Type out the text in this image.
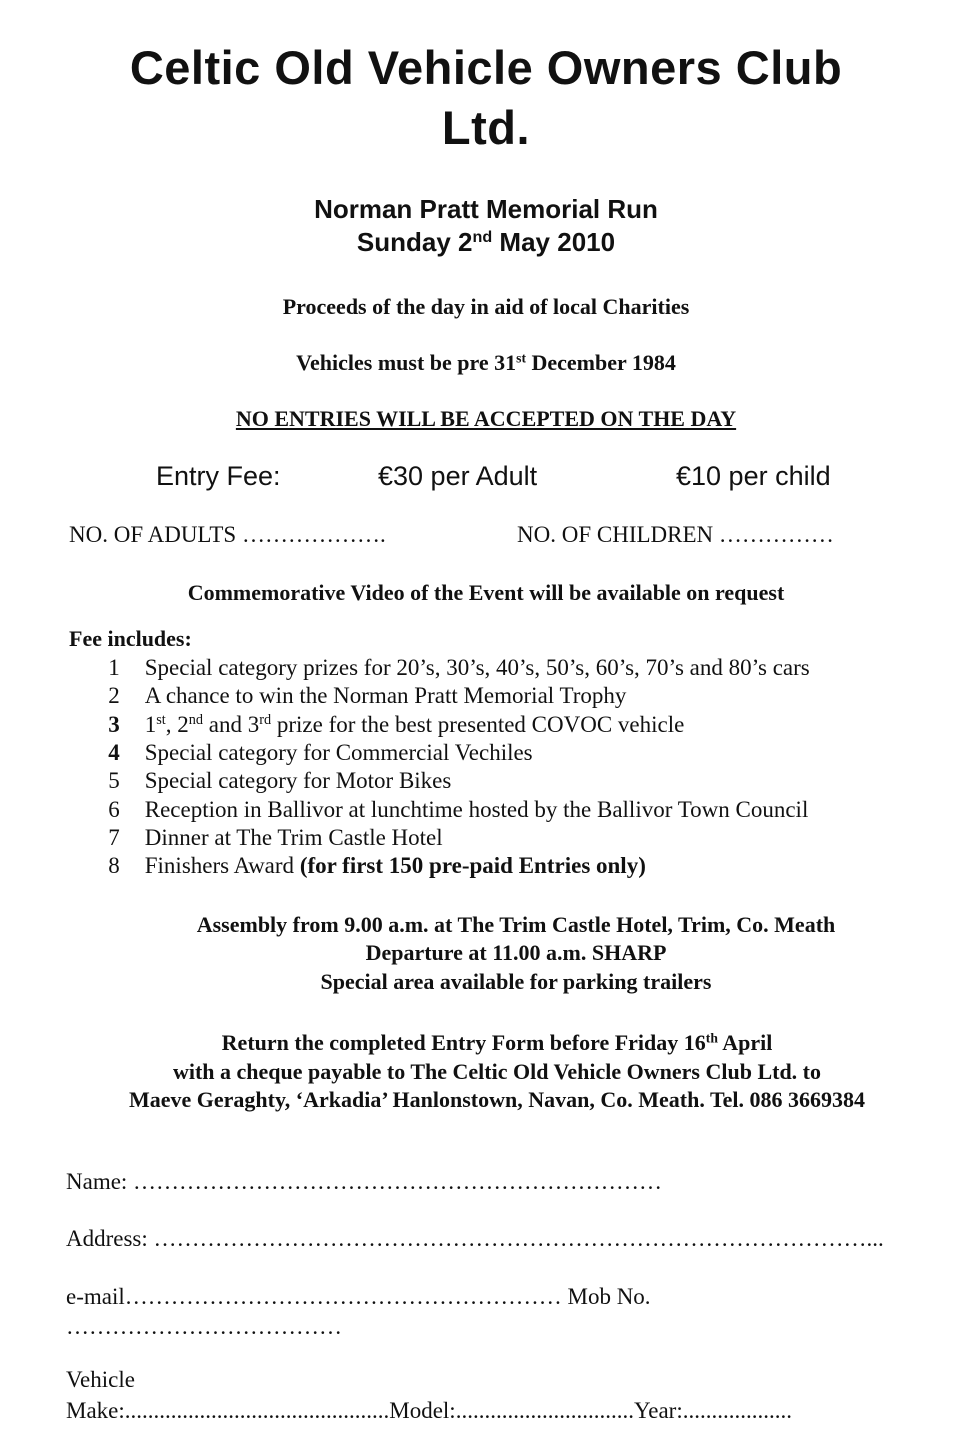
Celtic Old Vehicle Owners Club
Ltd.
Norman Pratt Memorial Run
Sunday 2nd May 2010
Proceeds of the day in aid of local Charities
Vehicles must be pre 31st December 1984
NO ENTRIES WILL BE ACCEPTED ON THE DAY
Entry Fee:	€30 per Adult	€10 per child
NO. OF ADULTS ……………….	NO. OF CHILDREN ……………
Commemorative Video of the Event will be available on request
Fee includes:
1 Special category prizes for 20’s, 30’s, 40’s, 50’s, 60’s, 70’s and 80’s cars
2 A chance to win the Norman Pratt Memorial Trophy
3 1st, 2nd and 3rd prize for the best presented COVOC vehicle
4 Special category for Commercial Vechiles
5 Special category for Motor Bikes
6 Reception in Ballivor at lunchtime hosted by the Ballivor Town Council
7 Dinner at The Trim Castle Hotel
8 Finishers Award (for first 150 pre-paid Entries only)
Assembly from 9.00 a.m. at The Trim Castle Hotel, Trim, Co. Meath
Departure at 11.00 a.m. SHARP
Special area available for parking trailers
Return the completed Entry Form before Friday 16th April
with a cheque payable to The Celtic Old Vehicle Owners Club Ltd. to
Maeve Geraghty, ‘Arkadia’ Hanlonstown, Navan, Co. Meath. Tel. 086 3669384
Name: ……………………………………………………………
Address: …………………………………………………………………………………...
e-mail………………………………………………… Mob No.
………………………………
Vehicle
Make:..............................................Model:...............................Year:...................
